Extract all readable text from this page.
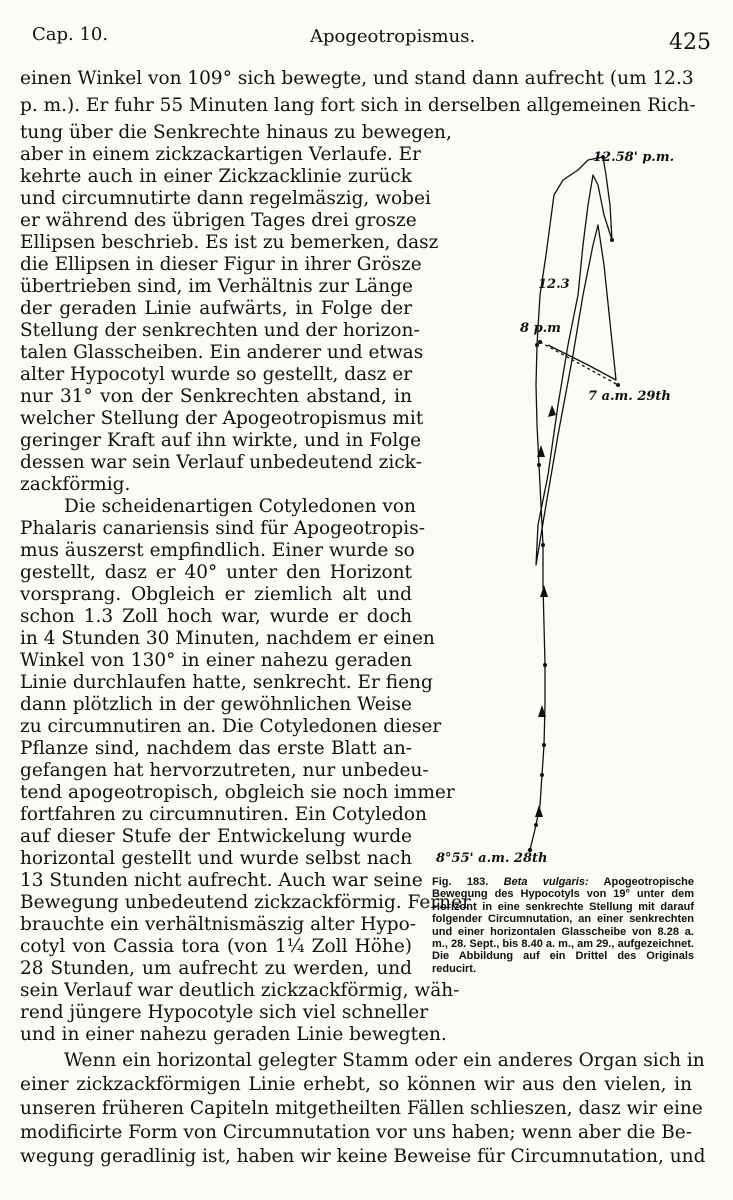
Cap. 10.	Apogeotropismus.	425
einen Winkel von 109° sich bewegte, und stand dann aufrecht (um 12.3
p. m.). Er fuhr 55 Minuten lang fort sich in derselben allgemeinen Rich-
tung über die Senkrechte hinaus zu bewegen,
aber in einem zickzackartigen Verlaufe. Er
kehrte auch in einer Zickzacklinie zurück
und circumnutirte dann regelmäszig, wobei
er während des übrigen Tages drei grosze
Ellipsen beschrieb. Es ist zu bemerken, dasz
die Ellipsen in dieser Figur in ihrer Grösze
übertrieben sind, im Verhältnis zur Länge
der geraden Linie aufwärts, in Folge der
Stellung der senkrechten und der horizon-
talen Glasscheiben. Ein anderer und etwas
alter Hypocotyl wurde so gestellt, dasz er
nur 31° von der Senkrechten abstand, in
welcher Stellung der Apogeotropismus mit
geringer Kraft auf ihn wirkte, und in Folge
dessen war sein Verlauf unbedeutend zick-
zackförmig.
Die scheidenartigen Cotyledonen von
Phalaris canariensis sind für Apogeotropis-
mus äuszerst empfindlich. Einer wurde so
gestellt, dasz er 40° unter den Horizont
vorsprang. Obgleich er ziemlich alt und
schon 1.3 Zoll hoch war, wurde er doch
in 4 Stunden 30 Minuten, nachdem er einen
Winkel von 130° in einer nahezu geraden
Linie durchlaufen hatte, senkrecht. Er fieng
dann plötzlich in der gewöhnlichen Weise
zu circumnutiren an. Die Cotyledonen dieser
Pflanze sind, nachdem das erste Blatt an-
gefangen hat hervorzutreten, nur unbedeu-
tend apogeotropisch, obgleich sie noch immer
fortfahren zu circumnutiren. Ein Cotyledon
auf dieser Stufe der Entwickelung wurde
horizontal gestellt und wurde selbst nach
13 Stunden nicht aufrecht. Auch war seine
Bewegung unbedeutend zickzackförmig. Ferner
brauchte ein verhältnismäszig alter Hypo-
cotyl von Cassia tora (von 1¼ Zoll Höhe)
28 Stunden, um aufrecht zu werden, und
sein Verlauf war deutlich zickzackförmig, wäh-
rend jüngere Hypocotyle sich viel schneller
und in einer nahezu geraden Linie bewegten.
Wenn ein horizontal gelegter Stamm oder ein anderes Organ sich in
einer zickzackförmigen Linie erhebt, so können wir aus den vielen, in
unseren früheren Capiteln mitgetheilten Fällen schlieszen, dasz wir eine
modificirte Form von Circumnutation vor uns haben; wenn aber die Be-
wegung geradlinig ist, haben wir keine Beweise für Circumnutation, und
12.58' p.m.
12.3
8 p.m
7 a.m. 29th
8°55' a.m. 28th
Fig. 183. Beta vulgaris: Apogeotropische Bewegung des Hypocotyls von 19° unter dem Horizont in eine senkrechte Stellung mit darauf folgender Circumnutation, an einer senkrechten und einer horizontalen Glasscheibe von 8.28 a. m., 28. Sept., bis 8.40 a. m., am 29., aufgezeichnet. Die Abbildung auf ein Drittel des Originals reducirt.
